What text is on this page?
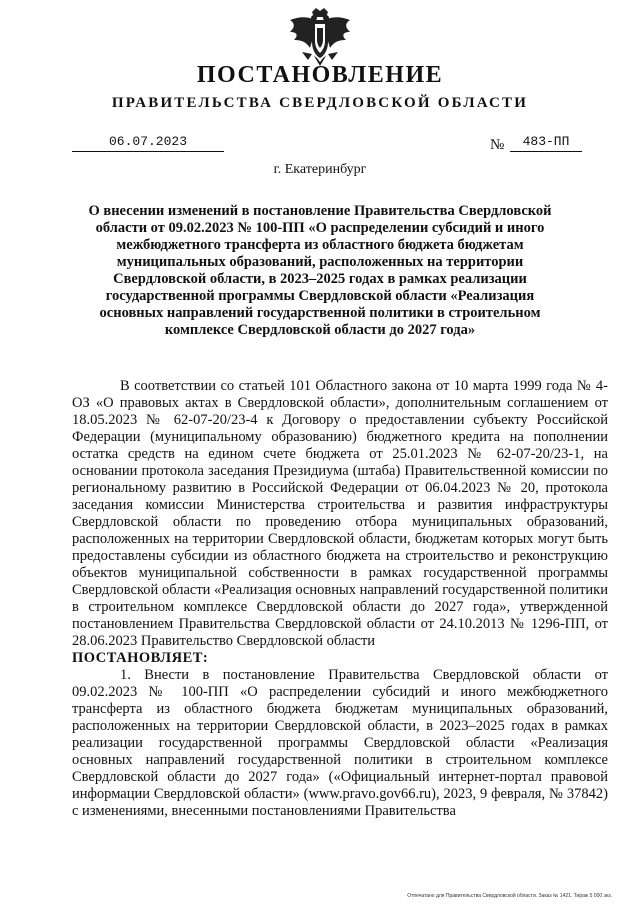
ПОСТАНОВЛЕНИЕ
ПРАВИТЕЛЬСТВА СВЕРДЛОВСКОЙ ОБЛАСТИ
06.07.2023	№	483-ПП
г. Екатеринбург
О внесении изменений в постановление Правительства Свердловской области от 09.02.2023 № 100-ПП «О распределении субсидий и иного межбюджетного трансферта из областного бюджета бюджетам муниципальных образований, расположенных на территории Свердловской области, в 2023–2025 годах в рамках реализации государственной программы Свердловской области «Реализация основных направлений государственной политики в строительном комплексе Свердловской области до 2027 года»

В соответствии со статьей 101 Областного закона от 10 марта 1999 года № 4-ОЗ «О правовых актах в Свердловской области», дополнительным соглашением от 18.05.2023 № 62-07-20/23-4 к Договору о предоставлении субъекту Российской Федерации (муниципальному образованию) бюджетного кредита на пополнении остатка средств на едином счете бюджета от 25.01.2023 № 62-07-20/23-1, на основании протокола заседания Президиума (штаба) Правительственной комиссии по региональному развитию в Российской Федерации от 06.04.2023 № 20, протокола заседания комиссии Министерства строительства и развития инфраструктуры Свердловской области по проведению отбора муниципальных образований, расположенных на территории Свердловской области, бюджетам которых могут быть предоставлены субсидии из областного бюджета на строительство и реконструкцию объектов муниципальной собственности в рамках государственной программы Свердловской области «Реализация основных направлений государственной политики в строительном комплексе Свердловской области до 2027 года», утвержденной постановлением Правительства Свердловской области от 24.10.2013 № 1296-ПП, от 28.06.2023 Правительство Свердловской области

ПОСТАНОВЛЯЕТ:

1. Внести в постановление Правительства Свердловской области от 09.02.2023 № 100-ПП «О распределении субсидий и иного межбюджетного трансферта из областного бюджета бюджетам муниципальных образований, расположенных на территории Свердловской области, в 2023–2025 годах в рамках реализации государственной программы Свердловской области «Реализация основных направлений государственной политики в строительном комплексе Свердловской области до 2027 года» («Официальный интернет-портал правовой информации Свердловской области» (www.pravo.gov66.ru), 2023, 9 февраля, № 37842) с изменениями, внесенными постановлениями Правительства

Отпечатано для Правительства Свердловской области. Заказ № 1421. Тираж 5 000 экз.
